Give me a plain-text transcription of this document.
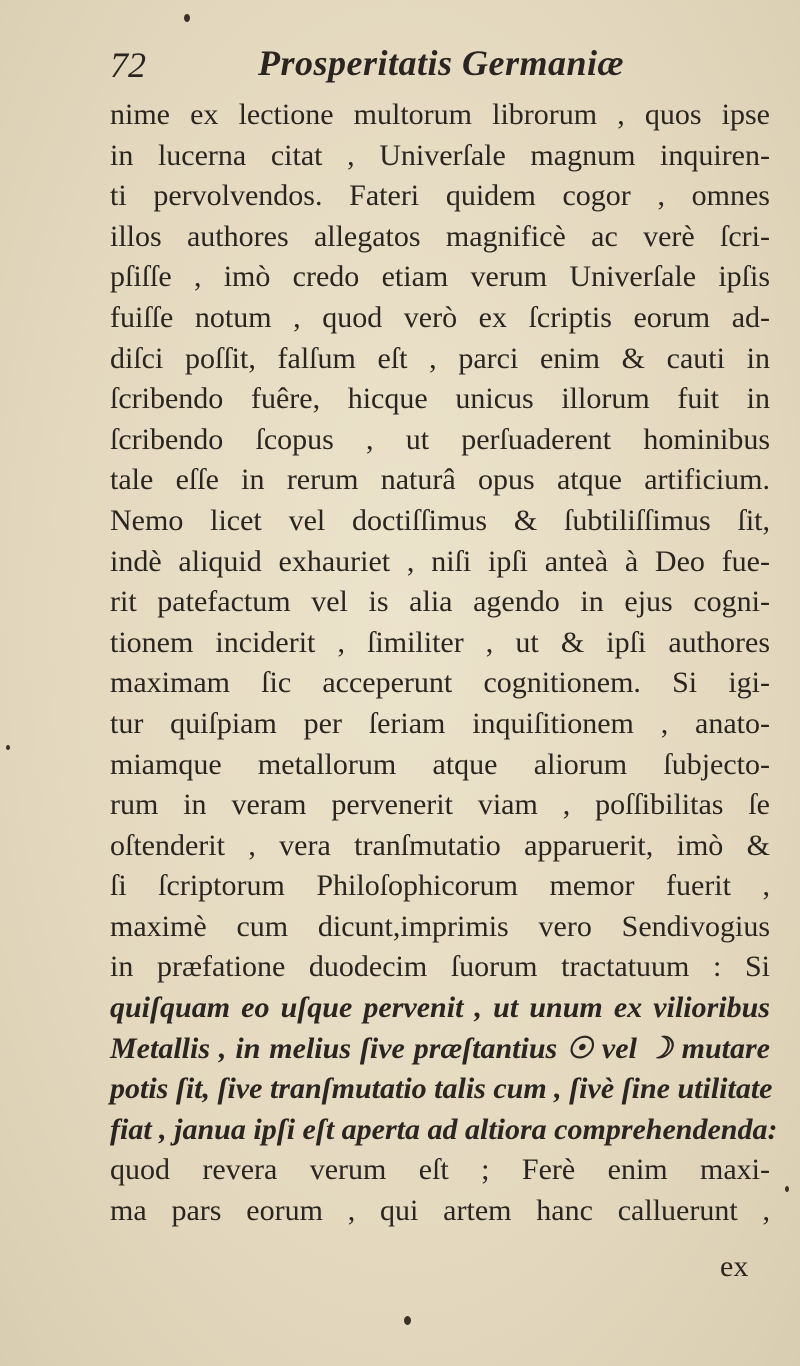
72	Prosperitatis Germaniæ
nime ex lectione multorum librorum , quos ipse
in lucerna citat , Univerſale magnum inquiren-
ti pervolvendos. Fateri quidem cogor , omnes
illos authores allegatos magnificè ac verè ſcri-
pſiſſe , imò credo etiam verum Univerſale ipſis
fuiſſe notum , quod verò ex ſcriptis eorum ad-
diſci poſſit, falſum eſt , parci enim & cauti in
ſcribendo fuêre, hicque unicus illorum fuit in
ſcribendo ſcopus , ut perſuaderent hominibus
tale eſſe in rerum naturâ opus atque artificium.
Nemo licet vel doctiſſimus & ſubtiliſſimus ſit,
indè aliquid exhauriet , niſi ipſi anteà à Deo fue-
rit patefactum vel is alia agendo in ejus cogni-
tionem inciderit , ſimiliter , ut & ipſi authores
maximam ſic acceperunt cognitionem. Si igi-
tur quiſpiam per ſeriam inquiſitionem , anato-
miamque metallorum atque aliorum ſubjecto-
rum in veram pervenerit viam , poſſibilitas ſe
oſtenderit , vera tranſmutatio apparuerit, imò &
ſi ſcriptorum Philoſophicorum memor fuerit ,
maximè cum dicunt,imprimis vero Sendivogius
in præfatione duodecim ſuorum tractatuum : Si
quiſquam eo uſque pervenit , ut unum ex vilioribus
Metallis , in melius ſive præſtantius ☉ vel ☽ mutare
potis ſit, ſive tranſmutatio talis cum , ſivè ſine utilitate
fiat , janua ipſi eſt aperta ad altiora comprehendenda:
quod revera verum eſt ; Ferè enim maxi-
ma pars eorum , qui artem hanc calluerunt ,
ex
